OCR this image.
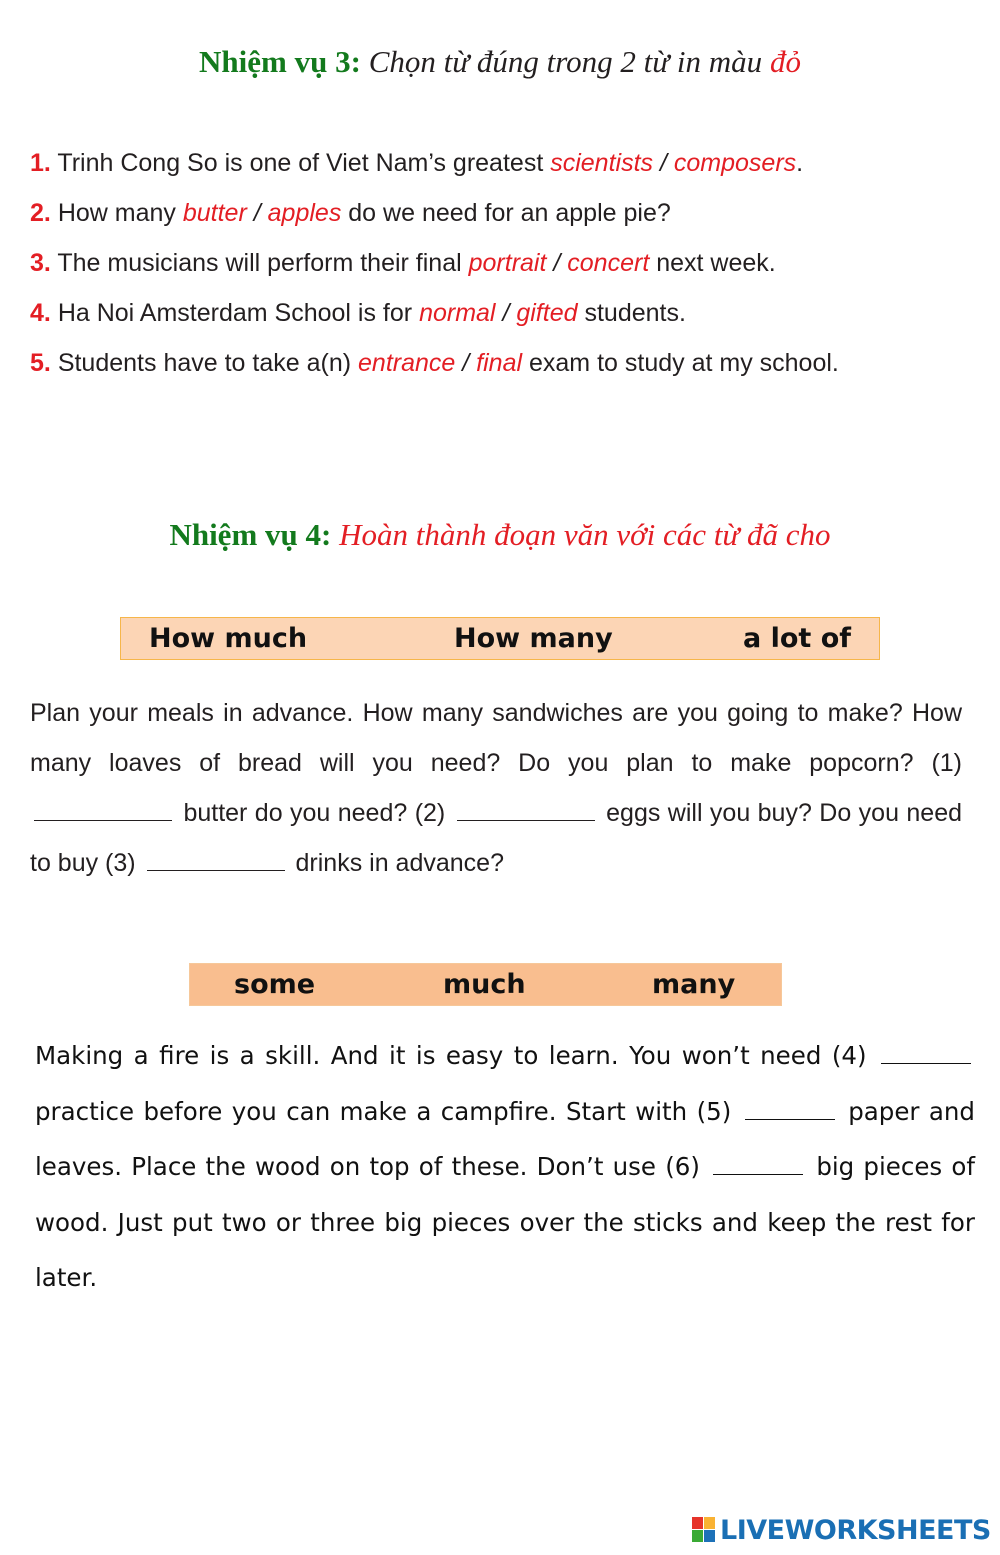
Nhiệm vụ 3: Chọn từ đúng trong 2 từ in màu đỏ
1. Trinh Cong So is one of Viet Nam’s greatest scientists / composers.
2. How many butter / apples do we need for an apple pie?
3. The musicians will perform their final portrait / concert next week.
4. Ha Noi Amsterdam School is for normal / gifted students.
5. Students have to take a(n) entrance / final exam to study at my school.
Nhiệm vụ 4: Hoàn thành đoạn văn với các từ đã cho
How much	How many	a lot of

Plan your meals in advance. How many sandwiches are you going to make? How many loaves of bread will you need? Do you plan to make popcorn? (1)  butter do you need? (2)	eggs will you buy? Do you need to buy (3)	drinks in advance?

some	much	many

Making a fire is a skill. And it is easy to learn. You won’t need (4)  practice before you can make a campfire. Start with (5)	paper and leaves. Place the wood on top of these. Don’t use (6)	big pieces of wood. Just put two or three big pieces over the sticks and keep the rest for later.

LIVEWORKSHEETS
